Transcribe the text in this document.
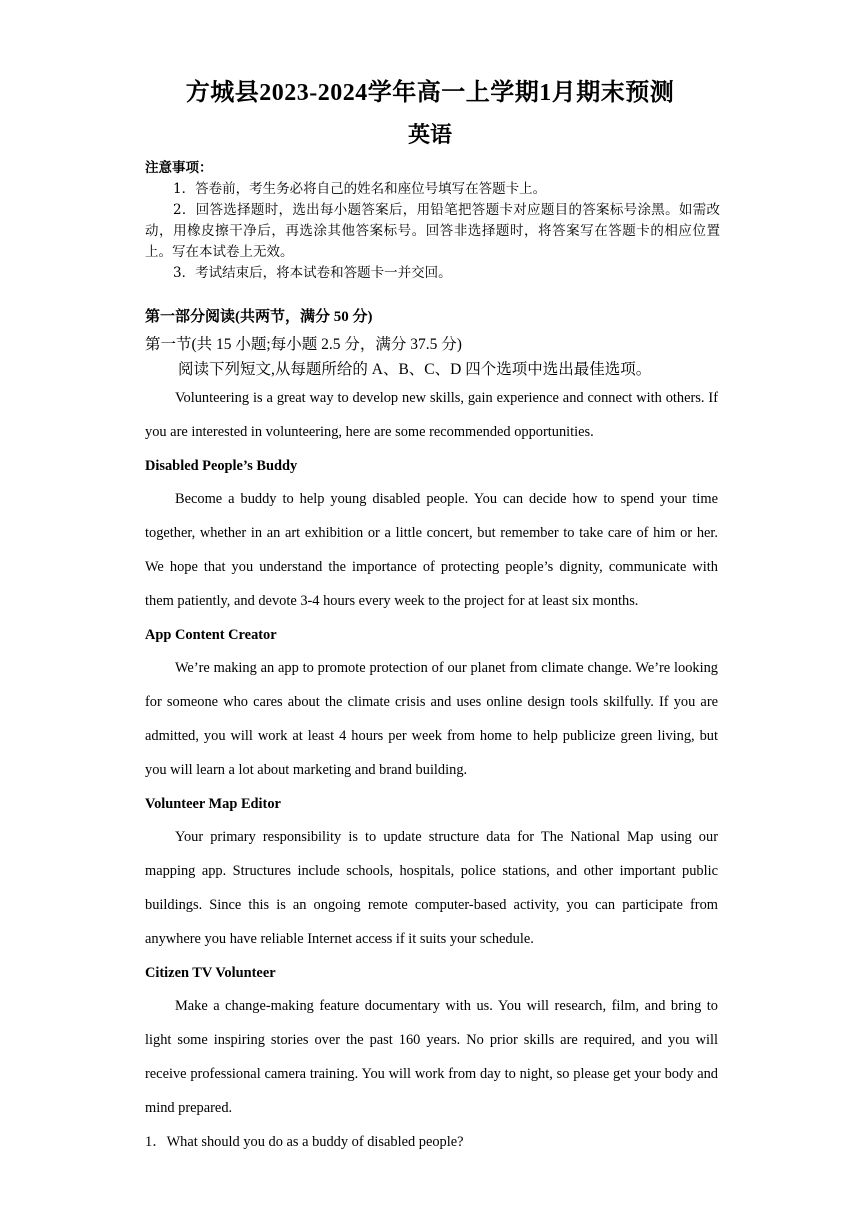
方城县2023-2024学年高一上学期1月期末预测
英语

注意事项：

1．答卷前，考生务必将自己的姓名和座位号填写在答题卡上。

2．回答选择题时，选出每小题答案后，用铅笔把答题卡对应题目的答案标号涂黑。如需改动，用橡皮擦干净后，再选涂其他答案标号。回答非选择题时，将答案写在答题卡的相应位置上。写在本试卷上无效。

3．考试结束后，将本试卷和答题卡一并交回。

第一部分阅读(共两节，满分 50 分)
第一节(共 15 小题;每小题 2.5 分，满分 37.5 分)
阅读下列短文,从每题所给的 A、B、C、D 四个选项中选出最佳选项。

Volunteering is a great way to develop new skills, gain experience and connect with others. If you are interested in volunteering, here are some recommended opportunities.

Disabled People’s Buddy

Become a buddy to help young disabled people. You can decide how to spend your time together, whether in an art exhibition or a little concert, but remember to take care of him or her. We hope that you understand the importance of protecting people’s dignity, communicate with them patiently, and devote 3-4 hours every week to the project for at least six months.

App Content Creator

We’re making an app to promote protection of our planet from climate change. We’re looking for someone who cares about the climate crisis and uses online design tools skilfully. If you are admitted, you will work at least 4 hours per week from home to help publicize green living, but you will learn a lot about marketing and brand building.

Volunteer Map Editor

Your primary responsibility is to update structure data for The National Map using our mapping app. Structures include schools, hospitals, police stations, and other important public buildings. Since this is an ongoing remote computer-based activity, you can participate from anywhere you have reliable Internet access if it suits your schedule.

Citizen TV Volunteer

Make a change-making feature documentary with us. You will research, film, and bring to light some inspiring stories over the past 160 years. No prior skills are required, and you will receive professional camera training. You will work from day to night, so please get your body and mind prepared.

1．What should you do as a buddy of disabled people?
